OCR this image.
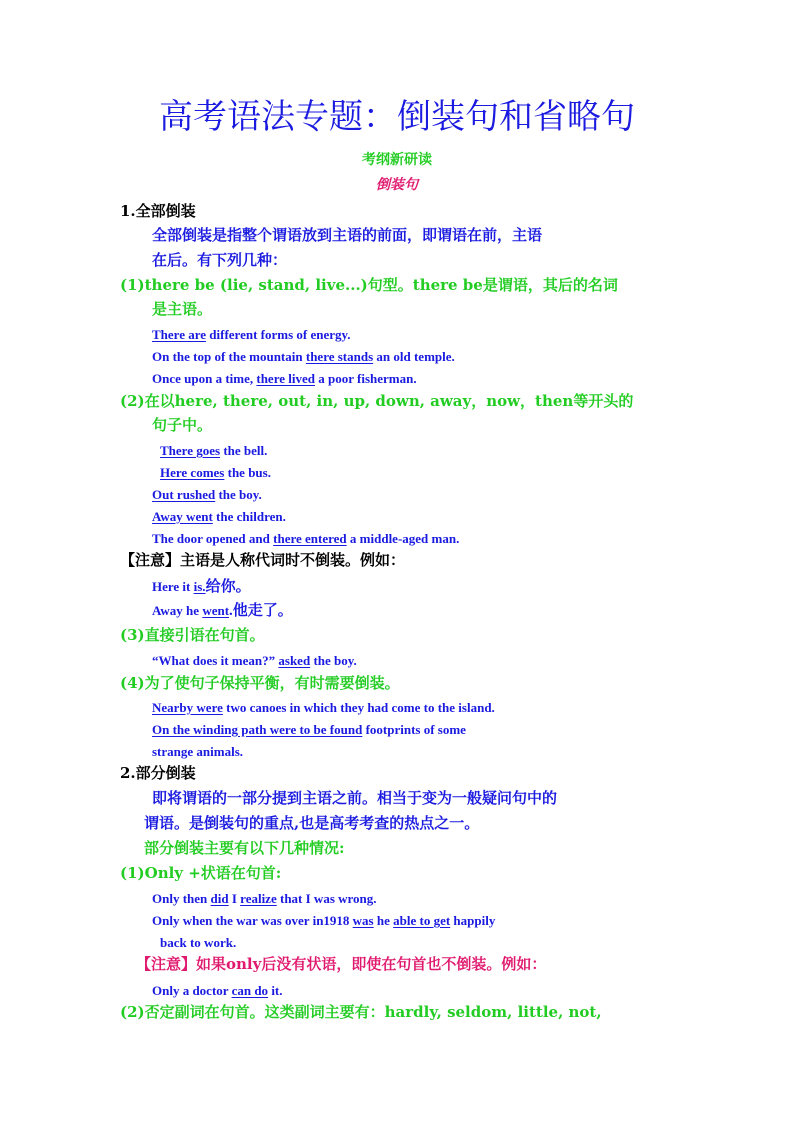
高考语法专题：倒装句和省略句
考纲新研读
倒装句
1.全部倒装
全部倒装是指整个谓语放到主语的前面，即谓语在前，主语
在后。有下列几种：
(1)there be (lie, stand, live...)句型。there be是谓语，其后的名词
是主语。
There are different forms of energy.
On the top of the mountain there stands an old temple.
Once upon a time, there lived a poor fisherman.
(2)在以here, there, out, in, up, down, away，now，then等开头的
句子中。
There goes the bell.
Here comes the bus.
Out rushed the boy.
Away went the children.
The door opened and there entered a middle-aged man.
【注意】主语是人称代词时不倒装。例如：
Here it is.给你。
Away he went.他走了。
(3)直接引语在句首。
“What does it mean?” asked the boy.
(4)为了使句子保持平衡，有时需要倒装。
Nearby were two canoes in which they had come to the island.
On the winding path were to be found footprints of some
strange animals.
2.部分倒装
即将谓语的一部分提到主语之前。相当于变为一般疑问句中的
谓语。是倒装句的重点,也是高考考查的热点之一。
部分倒装主要有以下几种情况:
(1)Only +状语在句首:
Only then did I realize that I was wrong.
Only when the war was over in1918 was he able to get happily
back to work.
【注意】如果only后没有状语，即使在句首也不倒装。例如：
Only a doctor can do it.
(2)否定副词在句首。这类副词主要有：hardly, seldom, little, not,
